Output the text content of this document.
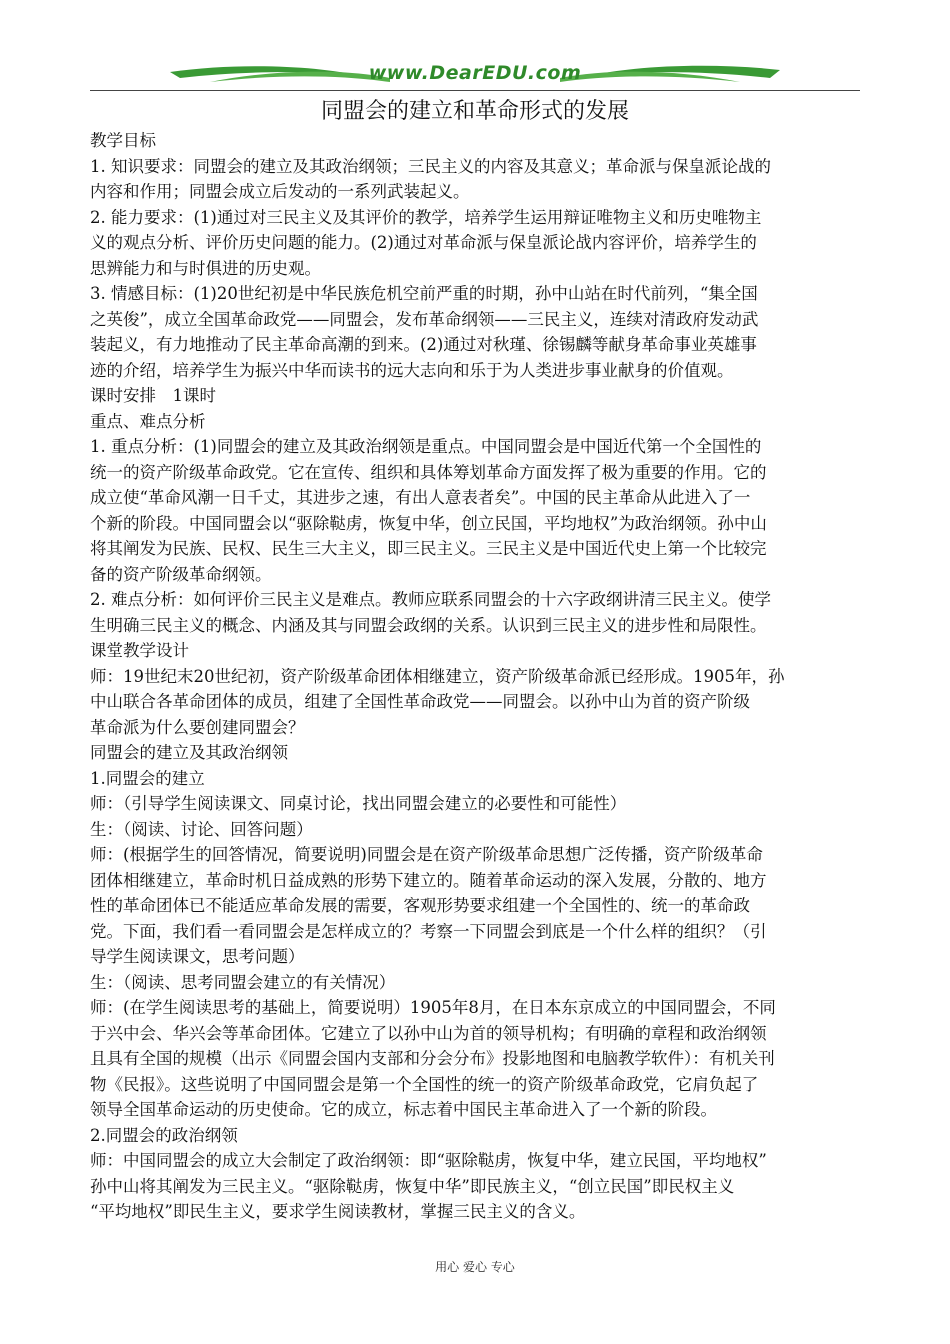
www.DearEDU.com
同盟会的建立和革命形式的发展
教学目标
1. 知识要求：同盟会的建立及其政治纲领；三民主义的内容及其意义；革命派与保皇派论战的
内容和作用；同盟会成立后发动的一系列武装起义。
2. 能力要求：(1)通过对三民主义及其评价的教学，培养学生运用辩证唯物主义和历史唯物主
义的观点分析、评价历史问题的能力。(2)通过对革命派与保皇派论战内容评价，培养学生的
思辨能力和与时俱进的历史观。
3. 情感目标：(1)20世纪初是中华民族危机空前严重的时期，孙中山站在时代前列，“集全国
之英俊”，成立全国革命政党——同盟会，发布革命纲领——三民主义，连续对清政府发动武
装起义，有力地推动了民主革命高潮的到来。(2)通过对秋瑾、徐锡麟等献身革命事业英雄事
迹的介绍，培养学生为振兴中华而读书的远大志向和乐于为人类进步事业献身的价值观。
课时安排　1课时
重点、难点分析
1. 重点分析：(1)同盟会的建立及其政治纲领是重点。中国同盟会是中国近代第一个全国性的
统一的资产阶级革命政党。它在宣传、组织和具体筹划革命方面发挥了极为重要的作用。它的
成立使“革命风潮一日千丈，其进步之速，有出人意表者矣”。中国的民主革命从此进入了一
个新的阶段。中国同盟会以“驱除鞑虏，恢复中华，创立民国，平均地权”为政治纲领。孙中山
将其阐发为民族、民权、民生三大主义，即三民主义。三民主义是中国近代史上第一个比较完
备的资产阶级革命纲领。
2. 难点分析：如何评价三民主义是难点。教师应联系同盟会的十六字政纲讲清三民主义。使学
生明确三民主义的概念、内涵及其与同盟会政纲的关系。认识到三民主义的进步性和局限性。
课堂教学设计
师：19世纪末20世纪初，资产阶级革命团体相继建立，资产阶级革命派已经形成。1905年，孙
中山联合各革命团体的成员，组建了全国性革命政党——同盟会。以孙中山为首的资产阶级
革命派为什么要创建同盟会？
同盟会的建立及其政治纲领
1.同盟会的建立
师：（引导学生阅读课文、同桌讨论，找出同盟会建立的必要性和可能性）
生：（阅读、讨论、回答问题）
师：(根据学生的回答情况，简要说明)同盟会是在资产阶级革命思想广泛传播，资产阶级革命
团体相继建立，革命时机日益成熟的形势下建立的。随着革命运动的深入发展，分散的、地方
性的革命团体已不能适应革命发展的需要，客观形势要求组建一个全国性的、统一的革命政
党。下面，我们看一看同盟会是怎样成立的？考察一下同盟会到底是一个什么样的组织？（引
导学生阅读课文，思考问题）
生：（阅读、思考同盟会建立的有关情况）
师：(在学生阅读思考的基础上，简要说明）1905年8月，在日本东京成立的中国同盟会，不同
于兴中会、华兴会等革命团体。它建立了以孙中山为首的领导机构；有明确的章程和政治纲领
且具有全国的规模（出示《同盟会国内支部和分会分布》投影地图和电脑教学软件）：有机关刊
物《民报》。这些说明了中国同盟会是第一个全国性的统一的资产阶级革命政党，它肩负起了
领导全国革命运动的历史使命。它的成立，标志着中国民主革命进入了一个新的阶段。
2.同盟会的政治纲领
师：中国同盟会的成立大会制定了政治纲领：即“驱除鞑虏，恢复中华，建立民国，平均地权”
孙中山将其阐发为三民主义。“驱除鞑虏，恢复中华”即民族主义，“创立民国”即民权主义
“平均地权”即民生主义，要求学生阅读教材，掌握三民主义的含义。
用心 爱心 专心
